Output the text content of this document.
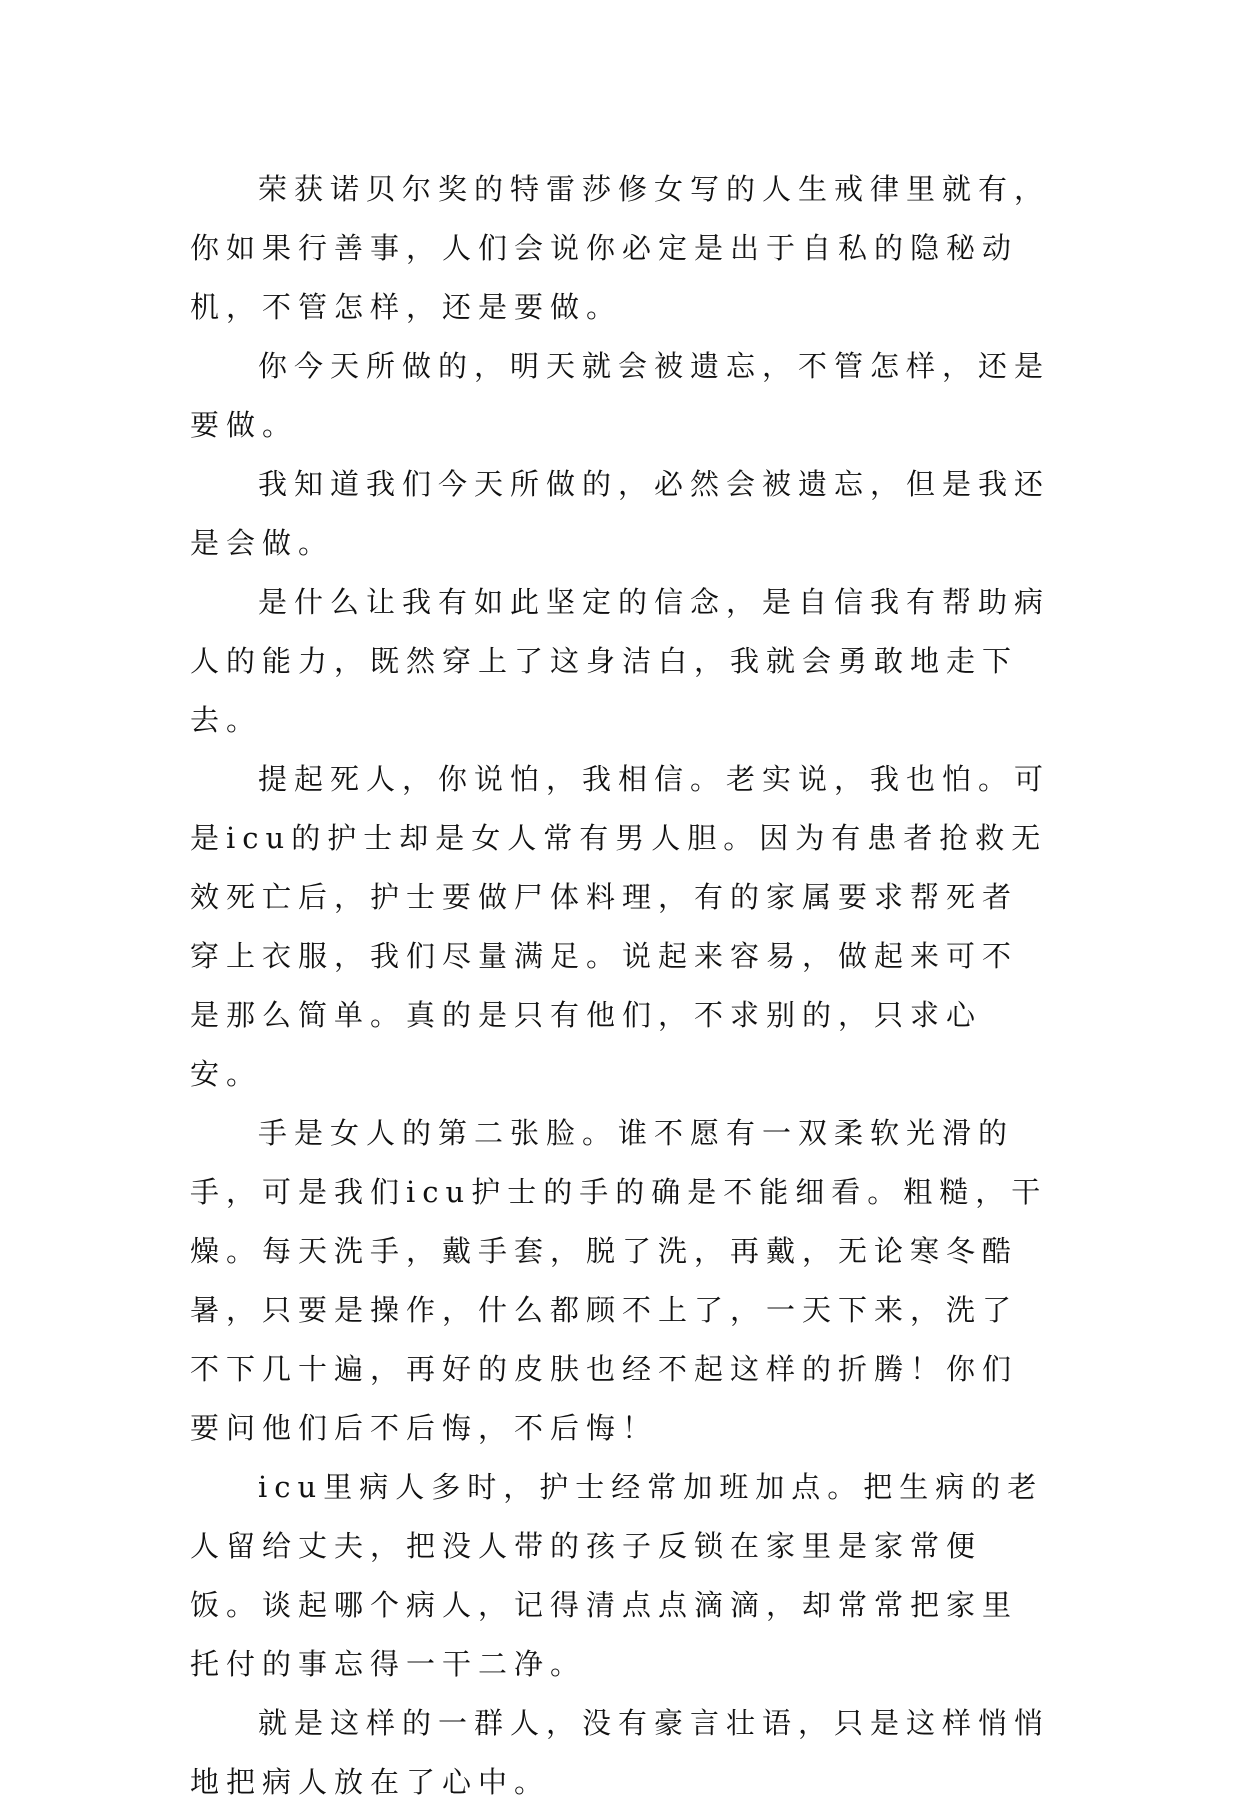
荣获诺贝尔奖的特雷莎修女写的人生戒律里就有，你如果行善事，人们会说你必定是出于自私的隐秘动机，不管怎样，还是要做。

你今天所做的，明天就会被遗忘，不管怎样，还是要做。

我知道我们今天所做的，必然会被遗忘，但是我还是会做。

是什么让我有如此坚定的信念，是自信我有帮助病人的能力，既然穿上了这身洁白，我就会勇敢地走下去。

提起死人，你说怕，我相信。老实说，我也怕。可是icu的护士却是女人常有男人胆。因为有患者抢救无效死亡后，护士要做尸体料理，有的家属要求帮死者穿上衣服，我们尽量满足。说起来容易，做起来可不是那么简单。真的是只有他们，不求别的，只求心安。

手是女人的第二张脸。谁不愿有一双柔软光滑的手，可是我们icu护士的手的确是不能细看。粗糙，干燥。每天洗手，戴手套，脱了洗，再戴，无论寒冬酷暑，只要是操作，什么都顾不上了，一天下来，洗了不下几十遍，再好的皮肤也经不起这样的折腾！你们要问他们后不后悔，不后悔！

icu里病人多时，护士经常加班加点。把生病的老人留给丈夫，把没人带的孩子反锁在家里是家常便饭。谈起哪个病人，记得清点点滴滴，却常常把家里托付的事忘得一干二净。

就是这样的一群人，没有豪言壮语，只是这样悄悄地把病人放在了心中。
